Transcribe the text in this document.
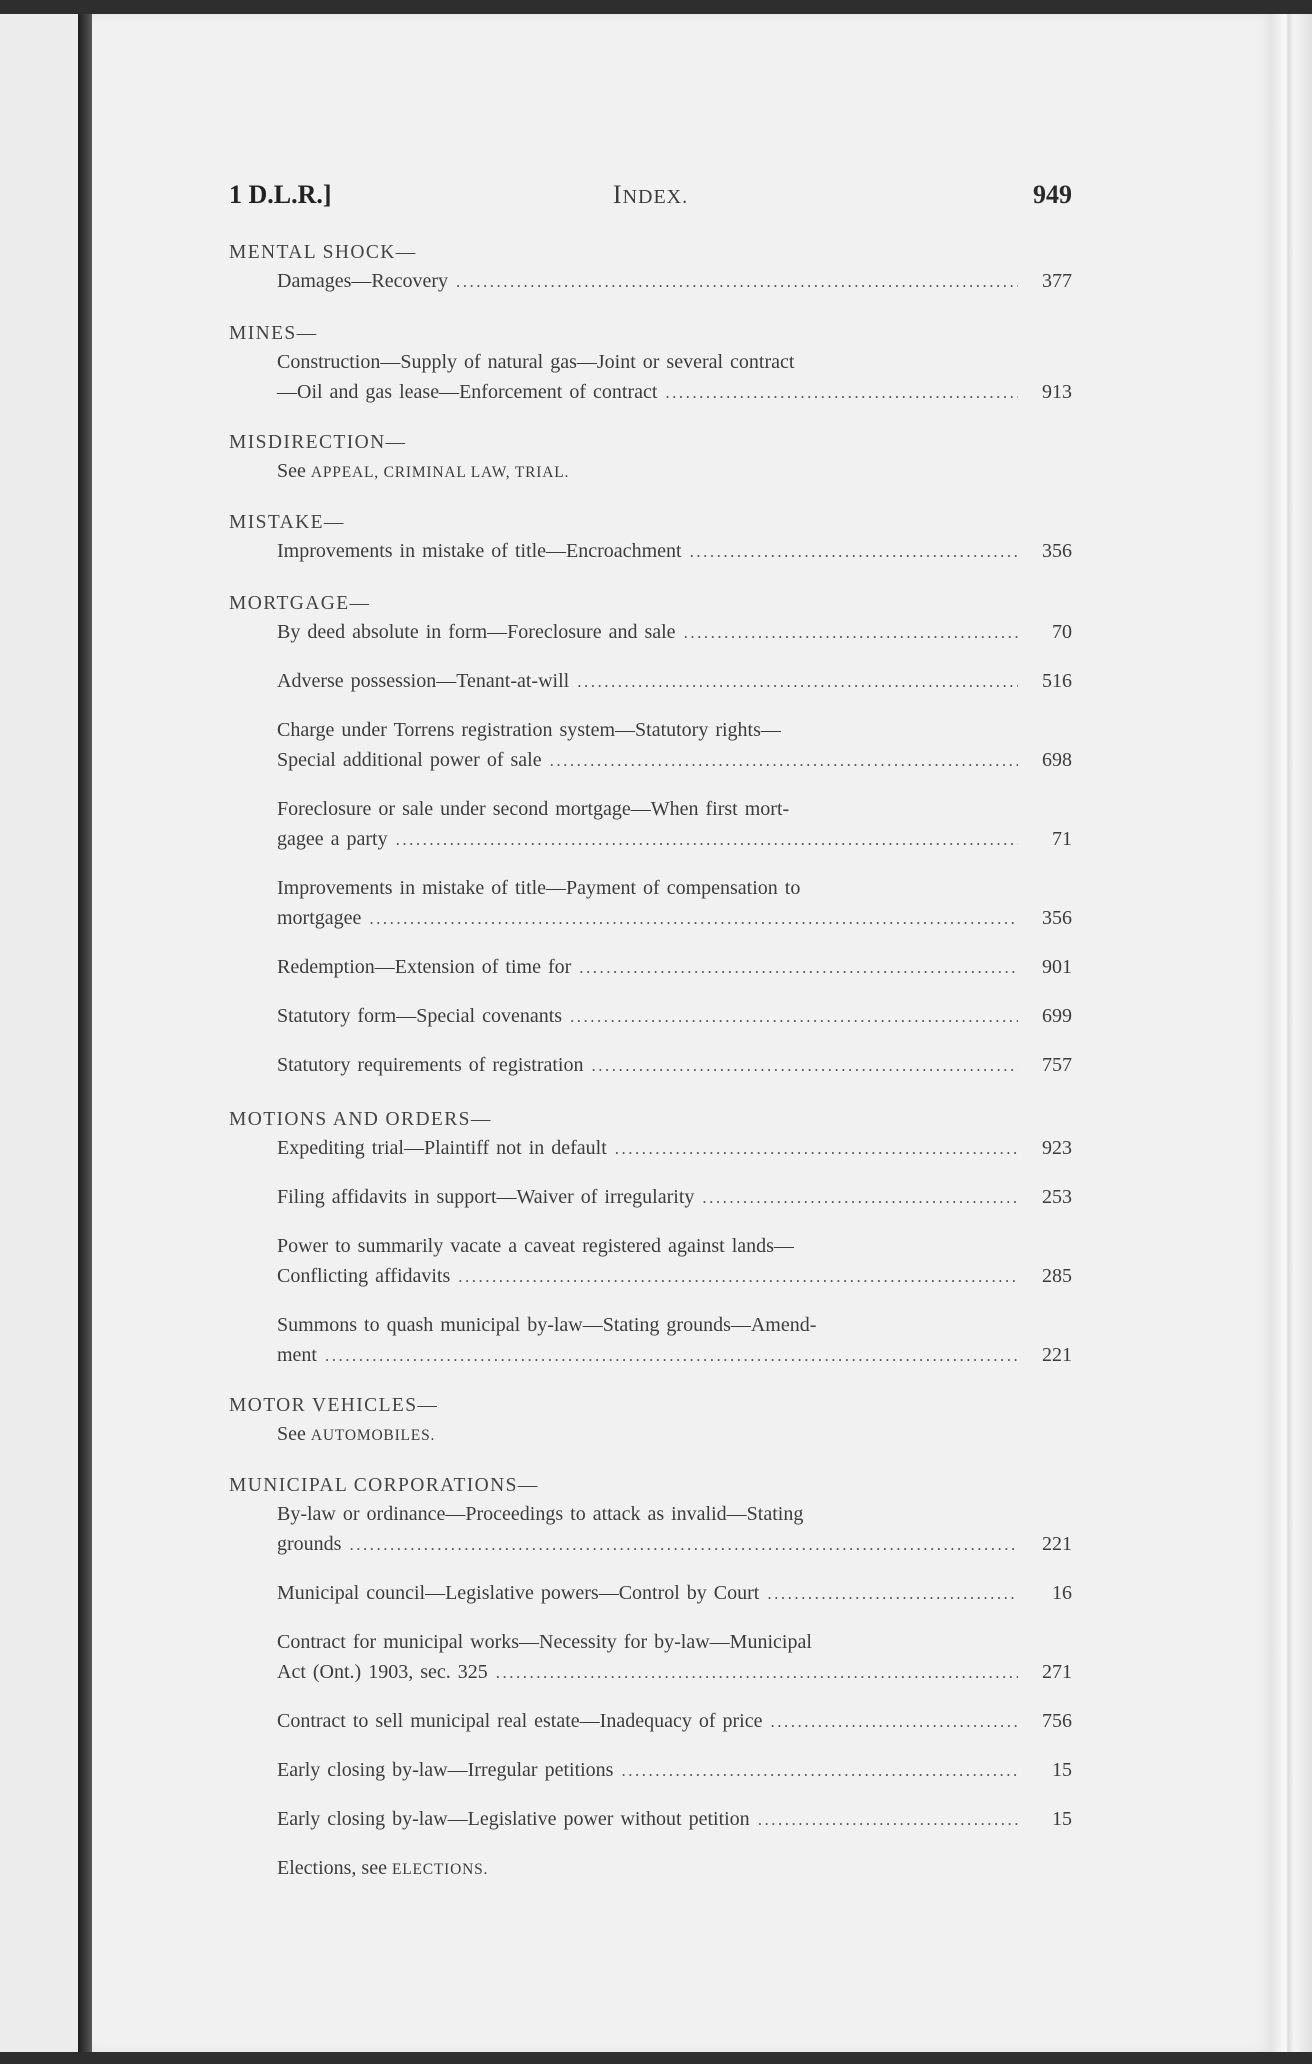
1 D.L.R.]	INDEX.	949
MENTAL SHOCK—
Damages—Recovery .....	377
MINES—
Construction—Supply of natural gas—Joint or several contract
—Oil and gas lease—Enforcement of contract .....	913
MISDIRECTION—
See APPEAL, CRIMINAL LAW, TRIAL.
MISTAKE—
Improvements in mistake of title—Encroachment .....	356
MORTGAGE—
By deed absolute in form—Foreclosure and sale .....	70
Adverse possession—Tenant-at-will .....	516
Charge under Torrens registration system—Statutory rights—
Special additional power of sale .....	698
Foreclosure or sale under second mortgage—When first mort-
gagee a party .....	71
Improvements in mistake of title—Payment of compensation to
mortgagee .....	356
Redemption—Extension of time for .....	901
Statutory form—Special covenants .....	699
Statutory requirements of registration .....	757
MOTIONS AND ORDERS—
Expediting trial—Plaintiff not in default .....	923
Filing affidavits in support—Waiver of irregularity .....	253
Power to summarily vacate a caveat registered against lands—
Conflicting affidavits .....	285
Summons to quash municipal by-law—Stating grounds—Amend-
ment .....	221
MOTOR VEHICLES—
See AUTOMOBILES.
MUNICIPAL CORPORATIONS—
By-law or ordinance—Proceedings to attack as invalid—Stating
grounds .....	221
Municipal council—Legislative powers—Control by Court .....	16
Contract for municipal works—Necessity for by-law—Municipal
Act (Ont.) 1903, sec. 325 .....	271
Contract to sell municipal real estate—Inadequacy of price .....	756
Early closing by-law—Irregular petitions .....	15
Early closing by-law—Legislative power without petition .....	15
Elections, see ELECTIONS.
